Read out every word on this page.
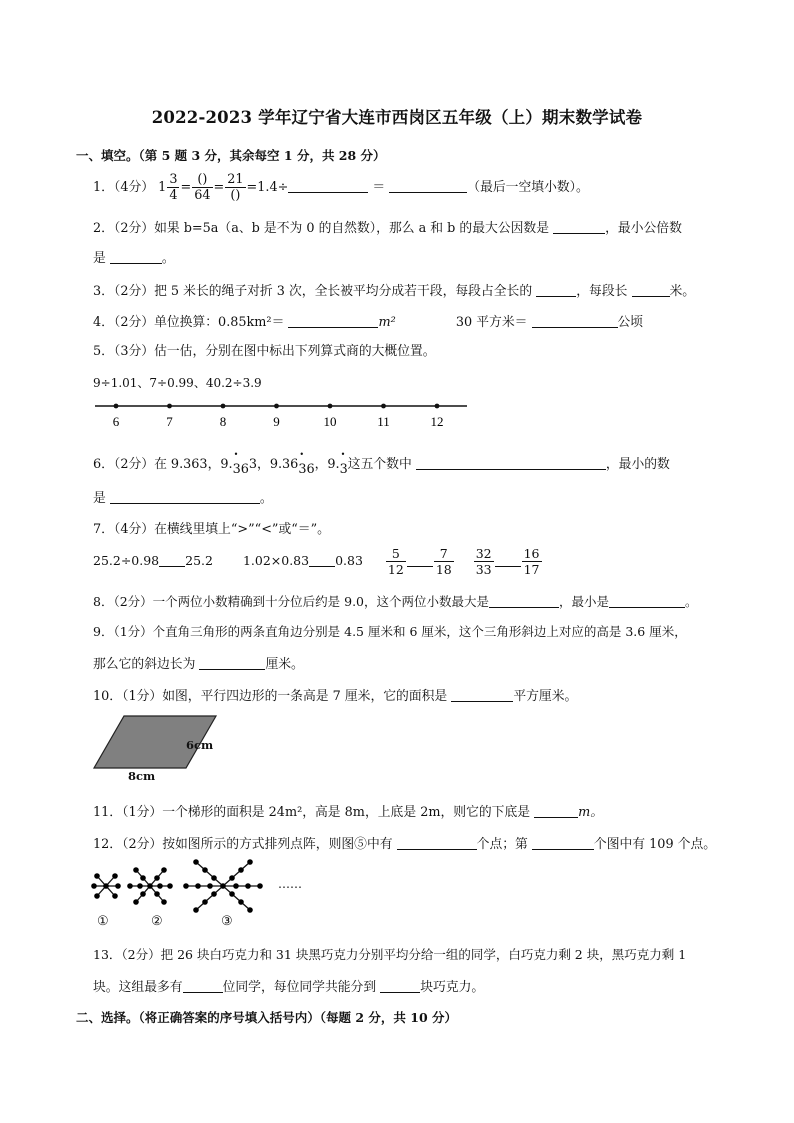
2022-2023 学年辽宁省大连市西岗区五年级（上）期末数学试卷
一、填空。（第 5 题 3 分，其余每空 1 分，共 28 分）
1．（4分） $1 \frac{3}{4} = \frac{()}{64} = \frac{21}{()} =1.4\div$	＝	（最后一空填小数）。
2．（2分）如果 b=5a（a、b 是不为 0 的自然数），那么 a 和 b 的最大公因数是	，最小公倍数
是	。
3．（2分）把 5 米长的绳子对折 3 次，全长被平均分成若干段，每段占全长的	，每段长	米。
4．（2分）单位换算：0.85km²＝	m²	30 平方米＝	公顷
5．（3分）估一估，分别在图中标出下列算式商的大概位置。
9÷1.01、7÷0.99、40.2÷3.9
6	7	8	9	10	11	12
6．（2分）在 9.363，9.• 363，9.36• 36，9.• 3这五个数中	，最小的数
是	。
7．（4分）在横线里填上“>”“<”或“＝”。
25.2÷0.98 25.2 1.02×0.83 $0.83 \frac{5}{12} \frac{7}{18}$
$\frac{32}{33} \frac{16}{17}$
8．（2分）一个两位小数精确到十分位后约是 9.0，这个两位小数最大是	，最小是	。
9．（1分）个直角三角形的两条直角边分别是 4.5 厘米和 6 厘米，这个三角形斜边上对应的高是 3.6 厘米，
那么它的斜边长为	厘米。
10．（1分）如图，平行四边形的一条高是 7 厘米，它的面积是	平方厘米。
6cm
8cm
11．（1分）一个梯形的面积是 24m²，高是 8m，上底是 2m，则它的下底是	m。
12．（2分）按如图所示的方式排列点阵，则图⑤中有	个点；第	个图中有 109 个点。
……
①	②	③
13．（2分）把 26 块白巧克力和 31 块黑巧克力分别平均分给一组的同学，白巧克力剩 2 块，黑巧克力剩 1
块。这组最多有	位同学，每位同学共能分到	块巧克力。
二、选择。（将正确答案的序号填入括号内）（每题 2 分，共 10 分）
